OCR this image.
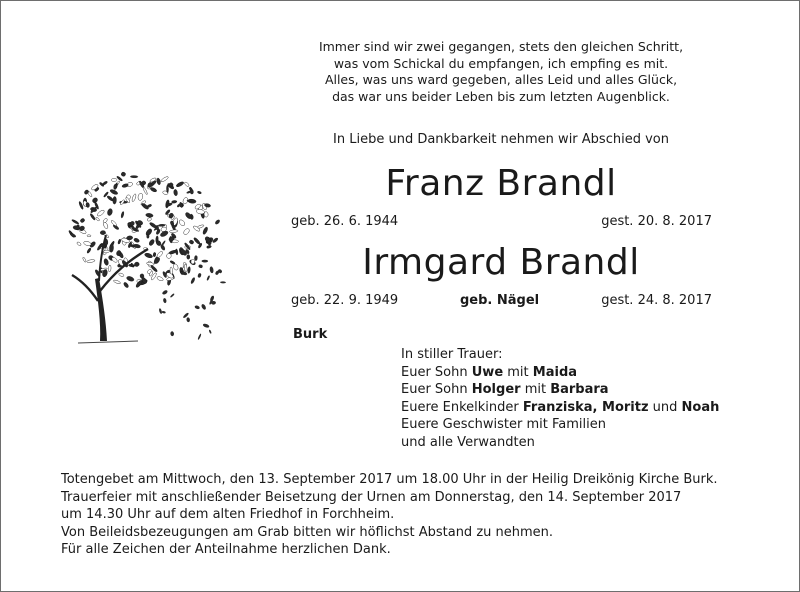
Immer sind wir zwei gegangen, stets den gleichen Schritt,
was vom Schickal du empfangen, ich empfing es mit.
Alles, was uns ward gegeben, alles Leid und alles Glück,
das war uns beider Leben bis zum letzten Augenblick.
In Liebe und Dankbarkeit nehmen wir Abschied von
Franz Brandl
geb. 26. 6. 1944	gest. 20. 8. 2017
Irmgard Brandl
geb. 22. 9. 1949	geb. Nägel	gest. 24. 8. 2017
Burk
In stiller Trauer:
Euer Sohn Uwe mit Maida
Euer Sohn Holger mit Barbara
Euere Enkelkinder Franziska, Moritz und Noah
Euere Geschwister mit Familien
und alle Verwandten
Totengebet am Mittwoch, den 13. September 2017 um 18.00 Uhr in der Heilig Dreikönig Kirche Burk.
Trauerfeier mit anschließender Beisetzung der Urnen am Donnerstag, den 14. September 2017
um 14.30 Uhr auf dem alten Friedhof in Forchheim.
Von Beileidsbezeugungen am Grab bitten wir höflichst Abstand zu nehmen.
Für alle Zeichen der Anteilnahme herzlichen Dank.
